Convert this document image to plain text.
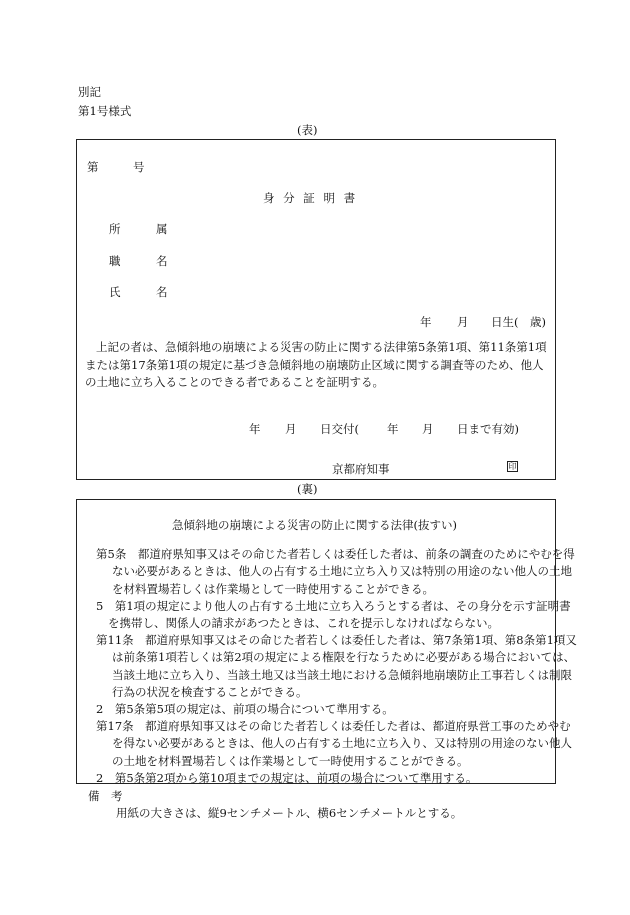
別記
第1号様式
(表)
第	号
身 分 証 明 書
所	属
職	名
氏	名
年 月 日生( 歳)
上記の者は、急傾斜地の崩壊による災害の防止に関する法律第5条第1項、第11条第1項または第17条第1項の規定に基づき急傾斜地の崩壊防止区域に関する調査等のため、他人の土地に立ち入ることのできる者であることを証明する。
年 月 日交付( 年 月 日まで有効)
京都府知事	印
(裏)
急傾斜地の崩壊による災害の防止に関する法律(抜すい)
第5条　都道府県知事又はその命じた者若しくは委任した者は、前条の調査のためにやむを得ない必要があるときは、他人の占有する土地に立ち入り又は特別の用途のない他人の土地を材料置場若しくは作業場として一時使用することができる。
5　第1項の規定により他人の占有する土地に立ち入ろうとする者は、その身分を示す証明書を携帯し、関係人の請求があつたときは、これを提示しなければならない。
第11条　都道府県知事又はその命じた者若しくは委任した者は、第7条第1項、第8条第1項又は前条第1項若しくは第2項の規定による権限を行なうために必要がある場合においては、当該土地に立ち入り、当該土地又は当該土地における急傾斜地崩壊防止工事若しくは制限行為の状況を検査することができる。
2　第5条第5項の規定は、前項の場合について準用する。
第17条　都道府県知事又はその命じた者若しくは委任した者は、都道府県営工事のためやむを得ない必要があるときは、他人の占有する土地に立ち入り、又は特別の用途のない他人の土地を材料置場若しくは作業場として一時使用することができる。
2　第5条第2項から第10項までの規定は、前項の場合について準用する。
備　考
用紙の大きさは、縦9センチメートル、横6センチメートルとする。
